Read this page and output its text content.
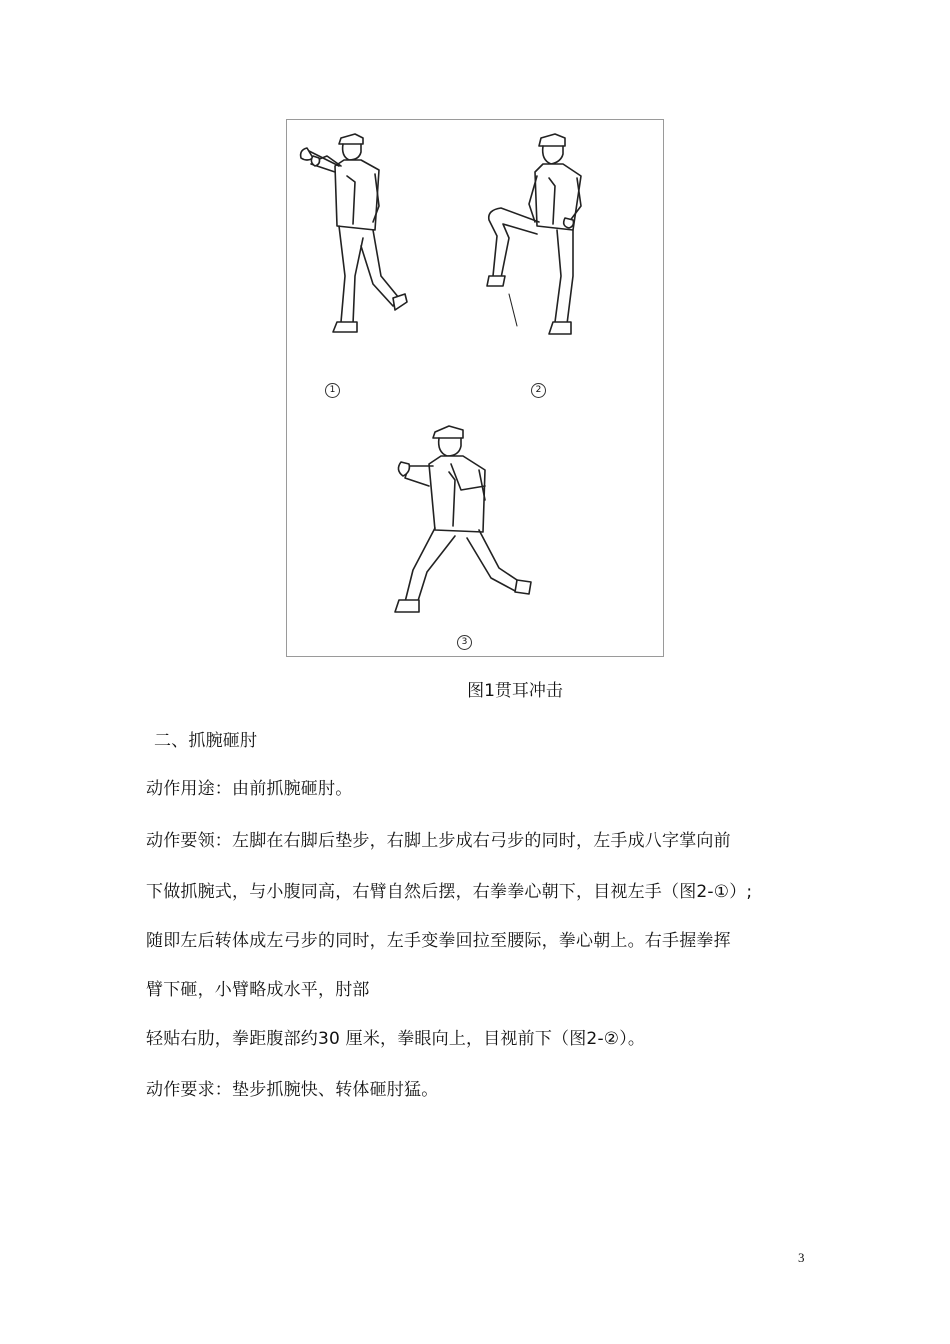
1	2
3
图1贯耳冲击
二、抓腕砸肘
动作用途：由前抓腕砸肘。
动作要领：左脚在右脚后垫步，右脚上步成右弓步的同时，左手成八字掌向前
下做抓腕式，与小腹同高，右臂自然后摆，右拳拳心朝下，目视左手（图2-①）;
随即左后转体成左弓步的同时，左手变拳回拉至腰际，拳心朝上。右手握拳挥
臂下砸，小臂略成水平，肘部
轻贴右肋，拳距腹部约30 厘米，拳眼向上，目视前下（图2-②）。
动作要求：垫步抓腕快、转体砸肘猛。
3
